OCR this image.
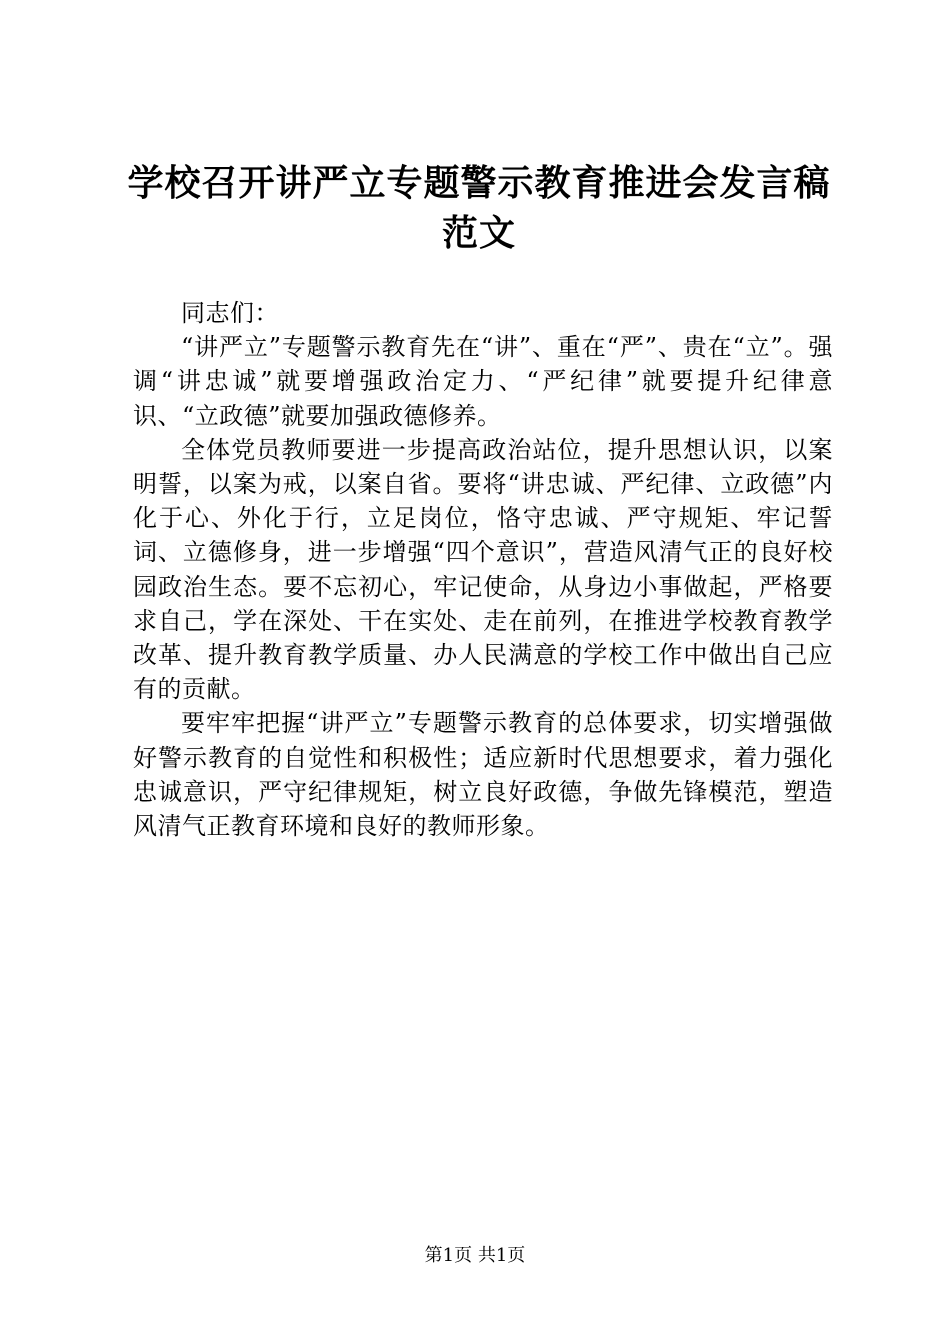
学校召开讲严立专题警示教育推进会发言稿范文

同志们：

“讲严立”专题警示教育先在“讲”、重在“严”、贵在“立”。强调“讲忠诚”就要增强政治定力、“严纪律”就要提升纪律意识、“立政德”就要加强政德修养。

全体党员教师要进一步提高政治站位，提升思想认识，以案明誓，以案为戒，以案自省。要将“讲忠诚、严纪律、立政德”内化于心、外化于行，立足岗位，恪守忠诚、严守规矩、牢记誓词、立德修身，进一步增强“四个意识”，营造风清气正的良好校园政治生态。要不忘初心，牢记使命，从身边小事做起，严格要求自己，学在深处、干在实处、走在前列，在推进学校教育教学改革、提升教育教学质量、办人民满意的学校工作中做出自己应有的贡献。

要牢牢把握“讲严立”专题警示教育的总体要求，切实增强做好警示教育的自觉性和积极性；适应新时代思想要求，着力强化忠诚意识，严守纪律规矩，树立良好政德，争做先锋模范，塑造风清气正教育环境和良好的教师形象。

第1页 共1页
